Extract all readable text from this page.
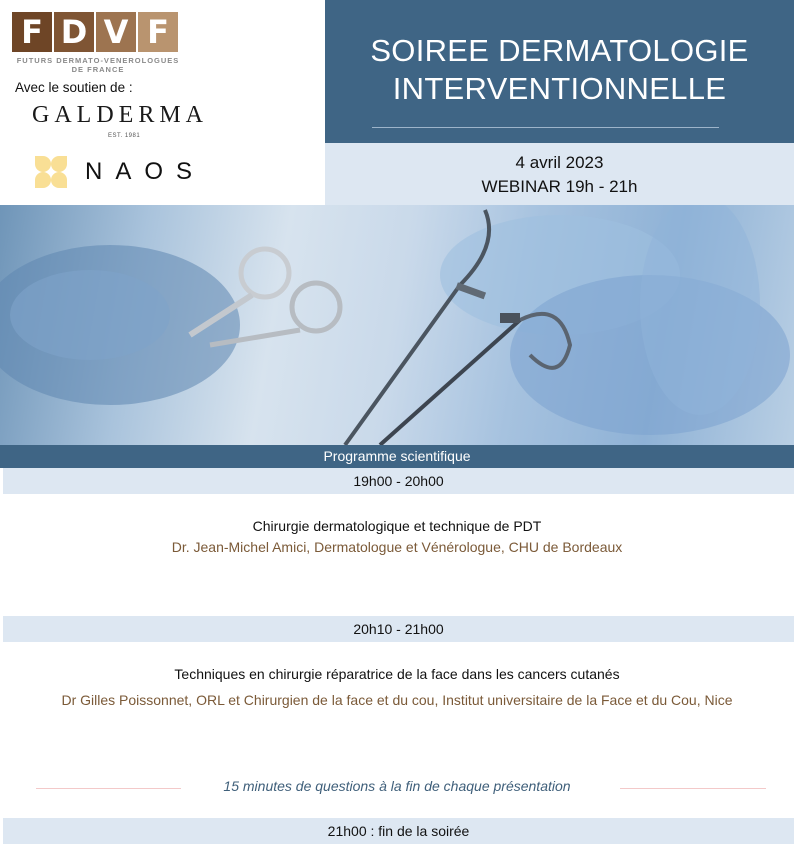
F D V F
FUTURS DERMATO-VENEROLOGUES
DE FRANCE
Avec le soutien de :
GALDERMA
EST. 1981
NAOS
SOIREE DERMATOLOGIE
INTERVENTIONNELLE
4 avril 2023
WEBINAR 19h - 21h
Programme scientifique
19h00 - 20h00
Chirurgie dermatologique et technique de PDT
Dr. Jean-Michel Amici, Dermatologue et Vénérologue, CHU de Bordeaux
20h10 - 21h00
Techniques en chirurgie réparatrice de la face dans les cancers cutanés
Dr Gilles Poissonnet, ORL et Chirurgien de la face et du cou, Institut universitaire de la Face et du Cou, Nice
15 minutes de questions à la fin de chaque présentation
21h00 : fin de la soirée
